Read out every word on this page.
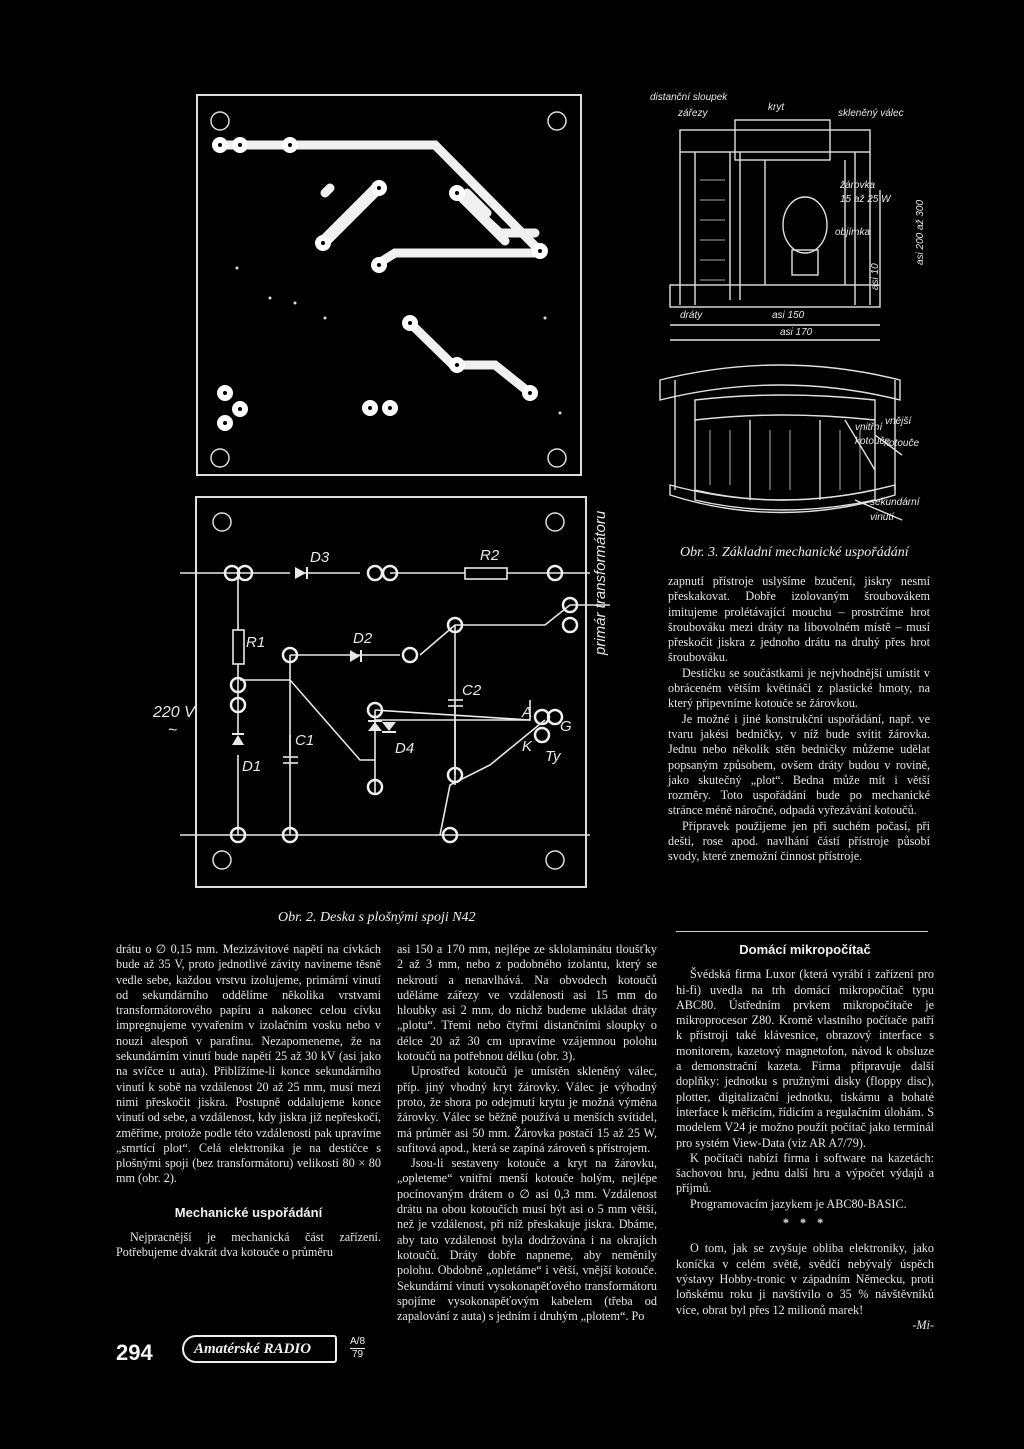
D3	R2
R1	D2
C2
A
G
K
Ty
C1	D4
D1
220 V
~
primár transformátoru
Obr. 2. Deska s plošnými spoji N42
distanční sloupek
zářezy
kryt
skleněný válec
žárovka
15 až 25 W
objímka
dráty	asi 150
asi 170
vnitřní
kotouče
vnější
kotouče
sekundární
vinutí
asi 200 až 300
asi 10
Obr. 3. Základní mechanické uspořádání

zapnutí přístroje uslyšíme bzučení, jiskry nesmí přeskakovat. Dobře izolovaným šroubovákem imitujeme prolétávající mouchu – prostrčíme hrot šroubováku mezi dráty na libovolném místě – musí přeskočit jiskra z jednoho drátu na druhý přes hrot šroubováku.

Destičku se součástkami je nejvhodnější umístit v obráceném větším květináči z plastické hmoty, na který připevníme kotouče se žárovkou.

Je možné i jiné konstrukční uspořádání, např. ve tvaru jakési bedničky, v níž bude svítit žárovka. Jednu nebo několik stěn bedničky můžeme udělat popsaným způsobem, ovšem dráty budou v rovině, jako skutečný „plot“. Bedna může mít i větší rozměry. Toto uspořádání bude po mechanické stránce méně náročné, odpadá vyřezávání kotoučů.

Přípravek použijeme jen při suchém počasí, při dešti, rose apod. navlhání částí přístroje působí svody, které znemožní činnost přístroje.

drátu o ∅ 0,15 mm. Mezizávitové napětí na cívkách bude až 35 V, proto jednotlivé závity navineme těsně vedle sebe, každou vrstvu izolujeme, primární vinutí od sekundárního oddělíme několika vrstvami transformátorového papíru a nakonec celou cívku impregnujeme vyvařením v izolačním vosku nebo v nouzi alespoň v parafinu. Nezapomeneme, že na sekundárním vinutí bude napětí 25 až 30 kV (asi jako na svíčce u auta). Přiblížíme-li konce sekundárního vinutí k sobě na vzdálenost 20 až 25 mm, musí mezi nimi přeskočit jiskra. Postupně oddalujeme konce vinutí od sebe, a vzdálenost, kdy jiskra již nepřeskočí, změříme, protože podle této vzdálenosti pak upravíme „smrtící plot“. Celá elektronika je na destičce s plošnými spoji (bez transformátoru) velikosti 80 × 80 mm (obr. 2).

Mechanické uspořádání

Nejpracnější je mechanická část zařízení. Potřebujeme dvakrát dva kotouče o průměru

asi 150 a 170 mm, nejlépe ze sklolaminátu tloušťky 2 až 3 mm, nebo z podobného izolantu, který se nekroutí a nenavlhává. Na obvodech kotoučů uděláme zářezy ve vzdálenosti asi 15 mm do hloubky asi 2 mm, do nichž budeme ukládat dráty „plotu“. Třemi nebo čtyřmi distančními sloupky o délce 20 až 30 cm upravíme vzájemnou polohu kotoučů na potřebnou délku (obr. 3).

Uprostřed kotoučů je umístěn skleněný válec, příp. jiný vhodný kryt žárovky. Válec je výhodný proto, že shora po odejmutí krytu je možná výměna žárovky. Válec se běžně používá u menších svítidel, má průměr asi 50 mm. Žárovka postačí 15 až 25 W, sufitová apod., která se zapíná zároveň s přístrojem.

Jsou-li sestaveny kotouče a kryt na žárovku, „opleteme“ vnitřní menší kotouče holým, nejlépe pocínovaným drátem o ∅ asi 0,3 mm. Vzdálenost drátu na obou kotoučích musí být asi o 5 mm větší, než je vzdálenost, při níž přeskakuje jiskra. Dbáme, aby tato vzdálenost byla dodržována i na okrajích kotoučů. Dráty dobře napneme, aby neměnily polohu. Obdobně „opletáme“ i větší, vnější kotouče. Sekundární vinutí vysokonapěťového transformátoru spojíme vysokonapěťovým kabelem (třeba od zapalování z auta) s jedním i druhým „plotem“. Po

Domácí mikropočítač

Švédská firma Luxor (která vyrábí i zařízení pro hi-fi) uvedla na trh domácí mikropočítač typu ABC80. Ústředním prvkem mikropočítače je mikroprocesor Z80. Kromě vlastního počítače patří k přístroji také klávesnice, obrazový interface s monitorem, kazetový magnetofon, návod k obsluze a demonstrační kazeta. Firma připravuje další doplňky: jednotku s pružnými disky (floppy disc), plotter, digitalizační jednotku, tiskárnu a bohaté interface k měřicím, řídicím a regulačním úlohám. S modelem V24 je možno použít počítač jako terminál pro systém View-Data (viz AR A7/79).

K počítači nabízí firma i software na kazetách: šachovou hru, jednu další hru a výpočet výdajů a příjmů.

Programovacím jazykem je ABC80-BASIC.

* * *

O tom, jak se zvyšuje obliba elektroniky, jako koníčka v celém světě, svědčí nebývalý úspěch výstavy Hobby-tronic v západním Německu, proti loňskému roku ji navštívilo o 35 % návštěvníků více, obrat byl přes 12 milionů marek!

-Mi-
294	Amatérské RADIO	A/8
79
